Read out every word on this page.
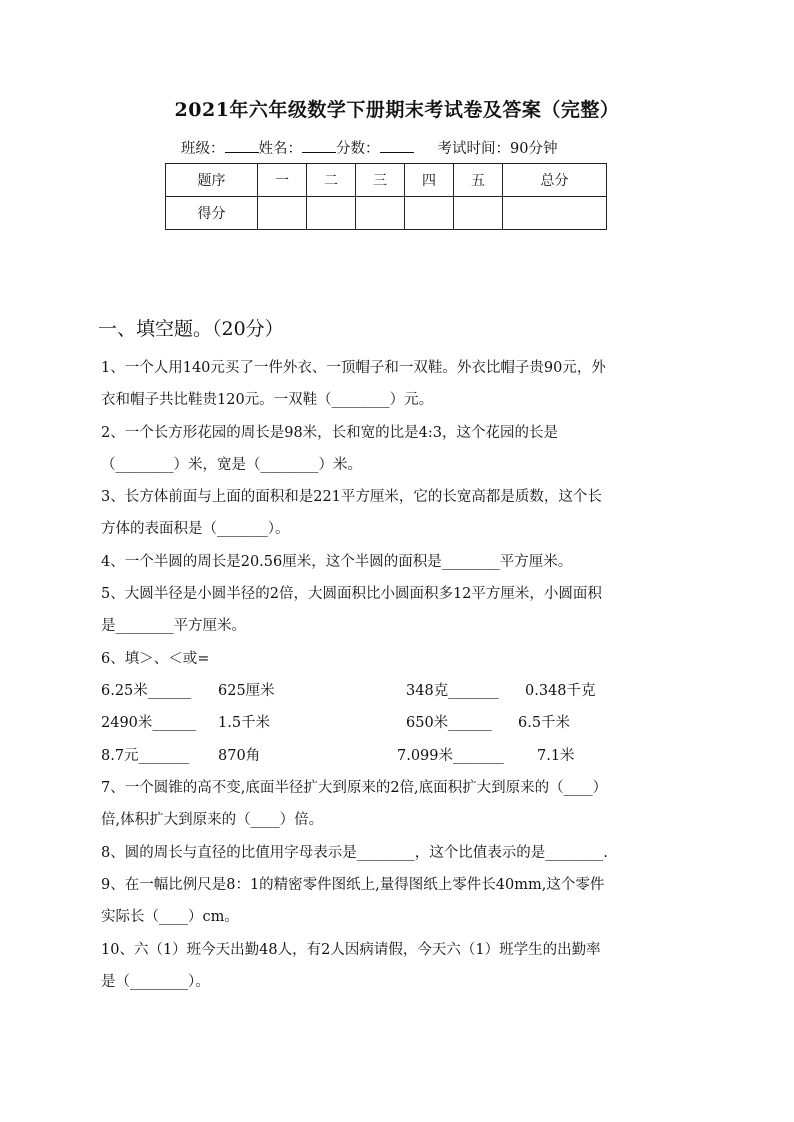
2021年六年级数学下册期末考试卷及答案（完整）
班级： 姓名： 分数：	考试时间：90分钟
题序	一	二	三	四	五	总分
得分						
一、填空题。（20分）
1、一个人用140元买了一件外衣、一顶帽子和一双鞋。外衣比帽子贵90元，外
衣和帽子共比鞋贵120元。一双鞋（________）元。
2、一个长方形花园的周长是98米，长和宽的比是4:3，这个花园的长是
（________）米，宽是（________）米。
3、长方体前面与上面的面积和是221平方厘米，它的长宽高都是质数，这个长
方体的表面积是（_______）。
4、一个半圆的周长是20.56厘米，这个半圆的面积是________平方厘米。
5、大圆半径是小圆半径的2倍，大圆面积比小圆面积多12平方厘米，小圆面积
是________平方厘米。
6、填＞、＜或=
6.25米______ 625厘米	348克_______ 0.348千克
2490米______ 1.5千米	650米______ 6.5千米
8.7元_______ 870角	7.099米_______ 7.1米
7、一个圆锥的高不变,底面半径扩大到原来的2倍,底面积扩大到原来的（____）
倍,体积扩大到原来的（____）倍。
8、圆的周长与直径的比值用字母表示是________，这个比值表示的是________.
9、在一幅比例尺是8：1的精密零件图纸上,量得图纸上零件长40mm,这个零件
实际长（____）cm。
10、六（1）班今天出勤48人，有2人因病请假，今天六（1）班学生的出勤率
是（________）。
